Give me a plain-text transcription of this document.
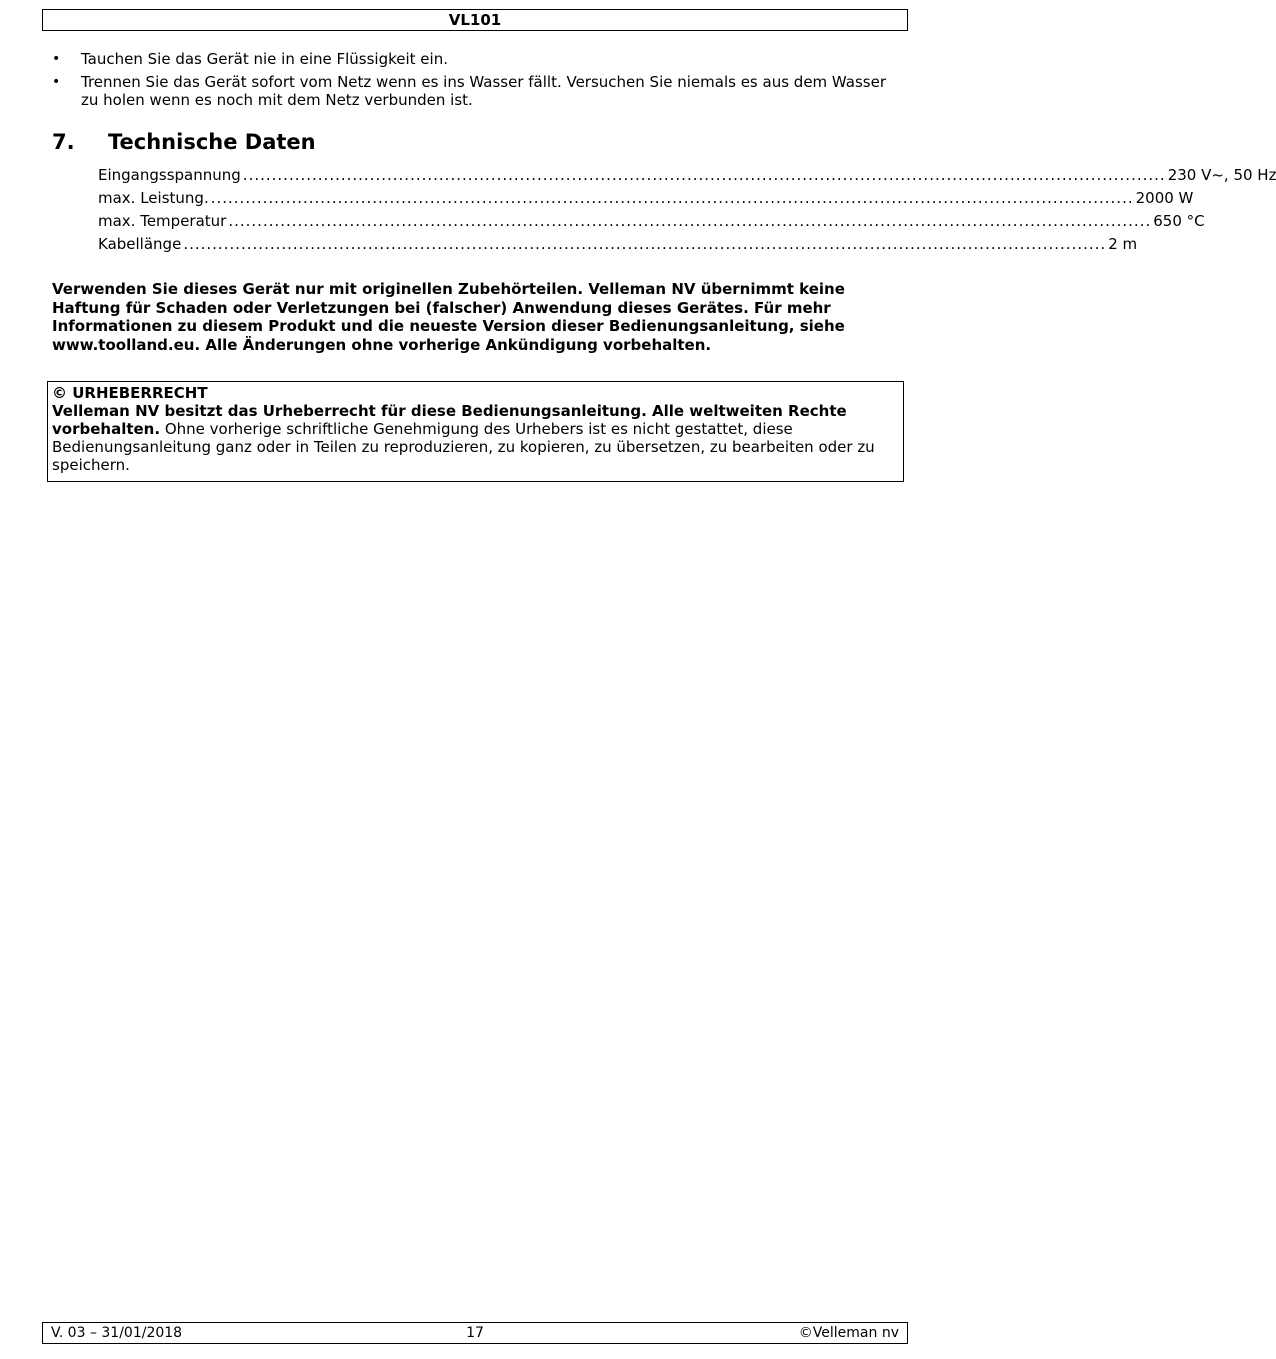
VL101
•	Tauchen Sie das Gerät nie in eine Flüssigkeit ein.
•	Trennen Sie das Gerät sofort vom Netz wenn es ins Wasser fällt. Versuchen Sie niemals es aus dem Wasser zu holen wenn es noch mit dem Netz verbunden ist.
7. Technische Daten
Eingangsspannung ................................................................................................................................................................ 230 V~, 50 Hz
max. Leistung. ................................................................................................................................................................ 2000 W
max. Temperatur ................................................................................................................................................................ 650 °C
Kabellänge ................................................................................................................................................................ 2 m
Verwenden Sie dieses Gerät nur mit originellen Zubehörteilen. Velleman NV übernimmt keine Haftung für Schaden oder Verletzungen bei (falscher) Anwendung dieses Gerätes. Für mehr Informationen zu diesem Produkt und die neueste Version dieser Bedienungsanleitung, siehe www.toolland.eu. Alle Änderungen ohne vorherige Ankündigung vorbehalten.
© URHEBERRECHT
Velleman NV besitzt das Urheberrecht für diese Bedienungsanleitung. Alle weltweiten Rechte vorbehalten. Ohne vorherige schriftliche Genehmigung des Urhebers ist es nicht gestattet, diese Bedienungsanleitung ganz oder in Teilen zu reproduzieren, zu kopieren, zu übersetzen, zu bearbeiten oder zu speichern.
V. 03 – 31/01/2018	17	©Velleman nv
